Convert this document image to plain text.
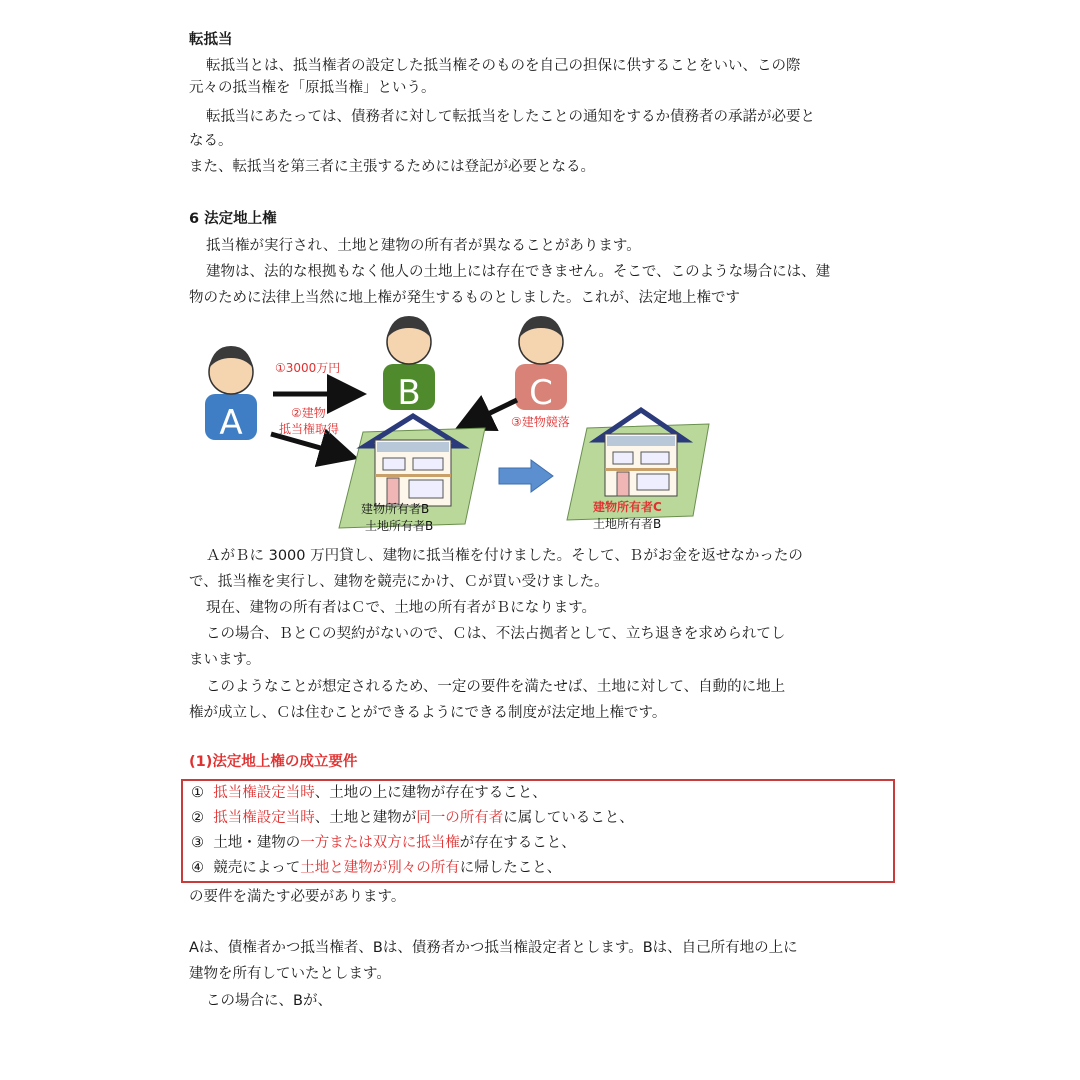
転抵当
転抵当とは、抵当権者の設定した抵当権そのものを自己の担保に供することをいい、この際
元々の抵当権を「原抵当権」という。
転抵当にあたっては、債務者に対して転抵当をしたことの通知をするか債務者の承諾が必要と
なる。
また、転抵当を第三者に主張するためには登記が必要となる。
6 法定地上権
抵当権が実行され、土地と建物の所有者が異なることがあります。
建物は、法的な根拠もなく他人の土地上には存在できません。そこで、このような場合には、建
物のために法律上当然に地上権が発生するものとしました。これが、法定地上権です
A
B	C
①3000万円
②建物
抵当権取得	③建物競落
建物所有者B
土地所有者B
建物所有者C
土地所有者B
ＡがＢに 3000 万円貸し、建物に抵当権を付けました。そして、Ｂがお金を返せなかったの
で、抵当権を実行し、建物を競売にかけ、Ｃが買い受けました。
現在、建物の所有者はＣで、土地の所有者がＢになります。
この場合、ＢとＣの契約がないので、Ｃは、不法占拠者として、立ち退きを求められてし
まいます。
このようなことが想定されるため、一定の要件を満たせば、土地に対して、自動的に地上
権が成立し、Ｃは住むことができるようにできる制度が法定地上権です。
(1)法定地上権の成立要件
① 抵当権設定当時、土地の上に建物が存在すること、
② 抵当権設定当時、土地と建物が同一の所有者に属していること、
③ 土地・建物の一方または双方に抵当権が存在すること、
④ 競売によって土地と建物が別々の所有に帰したこと、
の要件を満たす必要があります。
Aは、債権者かつ抵当権者、Bは、債務者かつ抵当権設定者とします。Bは、自己所有地の上に
建物を所有していたとします。
この場合に、Bが、
